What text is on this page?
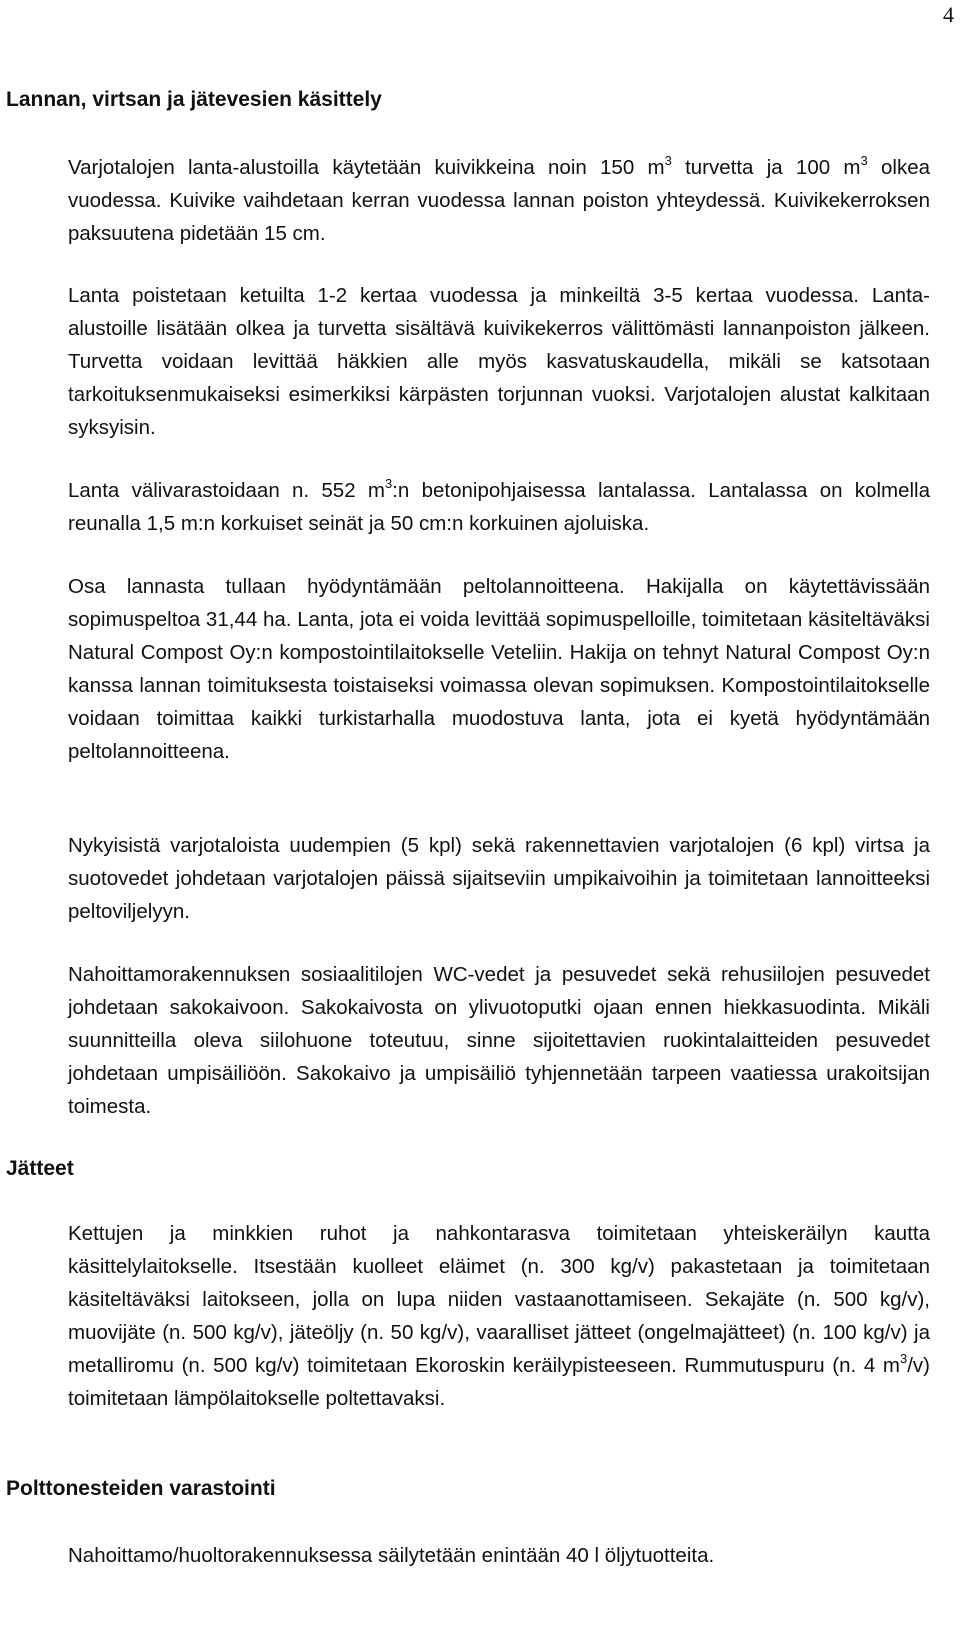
4
Lannan, virtsan ja jätevesien käsittely

Varjotalojen lanta-alustoilla käytetään kuivikkeina noin 150 $m^3$ turvetta ja 100 $m^3$ olkea vuodessa. Kuivike vaihdetaan kerran vuodessa lannan poiston yhteydessä. Kuivikekerroksen paksuutena pidetään 15 cm.

Lanta poistetaan ketuilta 1-2 kertaa vuodessa ja minkeiltä 3-5 kertaa vuodessa. Lanta-alustoille lisätään olkea ja turvetta sisältävä kuivikekerros välittömästi lannanpoiston jälkeen. Turvetta voidaan levittää häkkien alle myös kasvatuskaudella, mikäli se katsotaan tarkoituksenmukaiseksi esimerkiksi kärpästen torjunnan vuoksi. Varjotalojen alustat kalkitaan syksyisin.

Lanta välivarastoidaan n. 552 $m^3:n$ betonipohjaisessa lantalassa. Lantalassa on kolmella reunalla 1,5 m:n korkuiset seinät ja 50 cm:n korkuinen ajoluiska.

Osa lannasta tullaan hyödyntämään peltolannoitteena. Hakijalla on käytettävissään sopimuspeltoa 31,44 ha. Lanta, jota ei voida levittää sopimuspelloille, toimitetaan käsiteltäväksi Natural Compost Oy:n kompostointilaitokselle Veteliin. Hakija on tehnyt Natural Compost Oy:n kanssa lannan toimituksesta toistaiseksi voimassa olevan sopimuksen. Kompostointilaitokselle voidaan toimittaa kaikki turkistarhalla muodostuva lanta, jota ei kyetä hyödyntämään peltolannoitteena.

Nykyisistä varjotaloista uudempien (5 kpl) sekä rakennettavien varjotalojen (6 kpl) virtsa ja suotovedet johdetaan varjotalojen päissä sijaitseviin umpikaivoihin ja toimitetaan lannoitteeksi peltoviljelyyn.

Nahoittamorakennuksen sosiaalitilojen WC-vedet ja pesuvedet sekä rehusiilojen pesuvedet johdetaan sakokaivoon. Sakokaivosta on ylivuotoputki ojaan ennen hiekkasuodintа. Mikäli suunnitteilla oleva siilohuone toteutuu, sinne sijoitettavien ruokintalaitteiden pesuvedet johdetaan umpisäiliöön. Sakokaivo ja umpisäiliö tyhjennetään tarpeen vaatiessa urakoitsijan toimesta.

Jätteet

Kettujen ja minkkien ruhot ja nahkontarasva toimitetaan yhteiskeräilyn kautta käsittelylaitokselle. Itsestään kuolleet eläimet (n. 300 kg/v) pakastetaan ja toimitetaan käsiteltäväksi laitokseen, jolla on lupa niiden vastaanottamiseen. Sekajäte (n. 500 kg/v), muovijäte (n. 500 kg/v), jäteöljy (n. 50 kg/v), vaaralliset jätteet (ongelmajätteet) (n. 100 kg/v) ja metalliromu (n. 500 kg/v) toimitetaan Ekoroskin keräilypisteeseen. Rummutuspuru (n. 4 $m^3/v$) toimitetaan lämpölaitokselle poltettavaksi.

Polttonesteiden varastointi

Nahoittamo/huoltorakennuksessa säilytetään enintään 40 l öljytuotteita.
